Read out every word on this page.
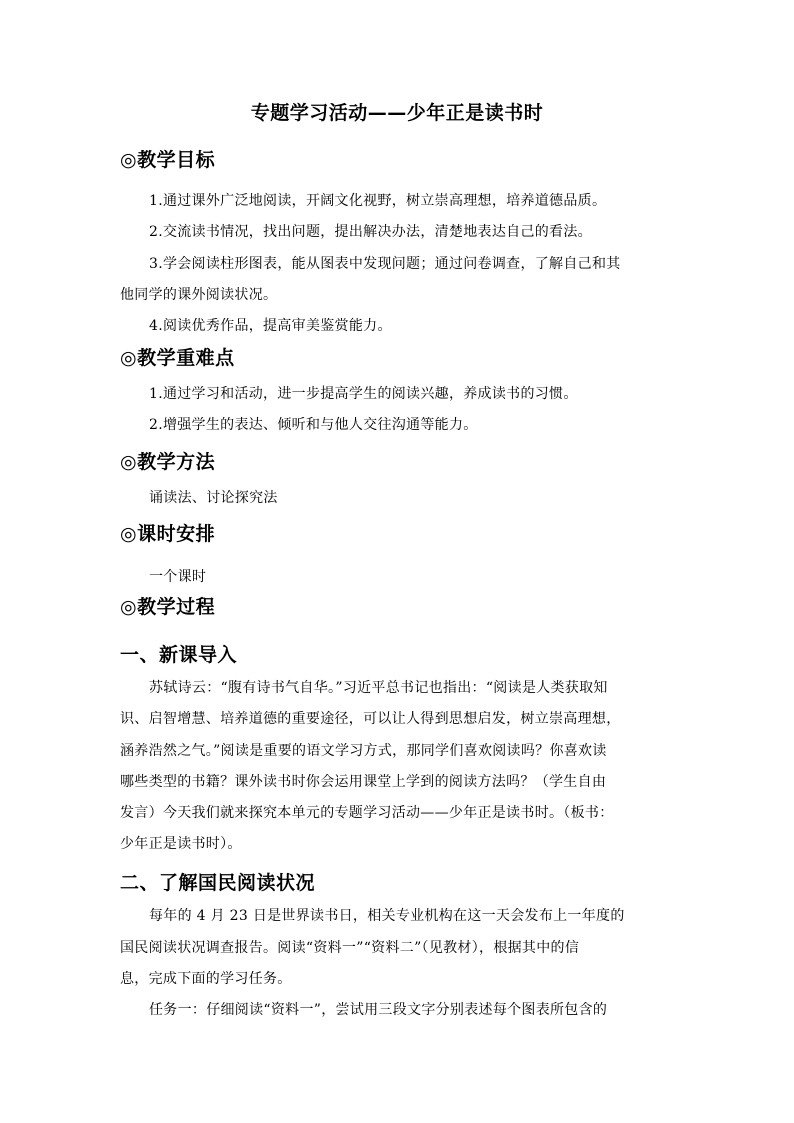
专题学习活动——少年正是读书时
◎教学目标
1.通过课外广泛地阅读，开阔文化视野，树立崇高理想，培养道德品质。
2.交流读书情况，找出问题，提出解决办法，清楚地表达自己的看法。
3.学会阅读柱形图表，能从图表中发现问题；通过问卷调查，了解自己和其
他同学的课外阅读状况。
4.阅读优秀作品，提高审美鉴赏能力。
◎教学重难点
1.通过学习和活动，进一步提高学生的阅读兴趣，养成读书的习惯。
2.增强学生的表达、倾听和与他人交往沟通等能力。
◎教学方法
诵读法、讨论探究法
◎课时安排
一个课时
◎教学过程
一、新课导入
苏轼诗云：“腹有诗书气自华。”习近平总书记也指出：“阅读是人类获取知
识、启智增慧、培养道德的重要途径，可以让人得到思想启发，树立崇高理想，
涵养浩然之气。”阅读是重要的语文学习方式，那同学们喜欢阅读吗？你喜欢读
哪些类型的书籍？课外读书时你会运用课堂上学到的阅读方法吗？（学生自由
发言）今天我们就来探究本单元的专题学习活动——少年正是读书时。（板书：
少年正是读书时）。
二、了解国民阅读状况
每年的 4 月 23 日是世界读书日，相关专业机构在这一天会发布上一年度的
国民阅读状况调查报告。阅读“资料一”“资料二”（见教材），根据其中的信
息，完成下面的学习任务。
任务一：仔细阅读“资料一”，尝试用三段文字分别表述每个图表所包含的
